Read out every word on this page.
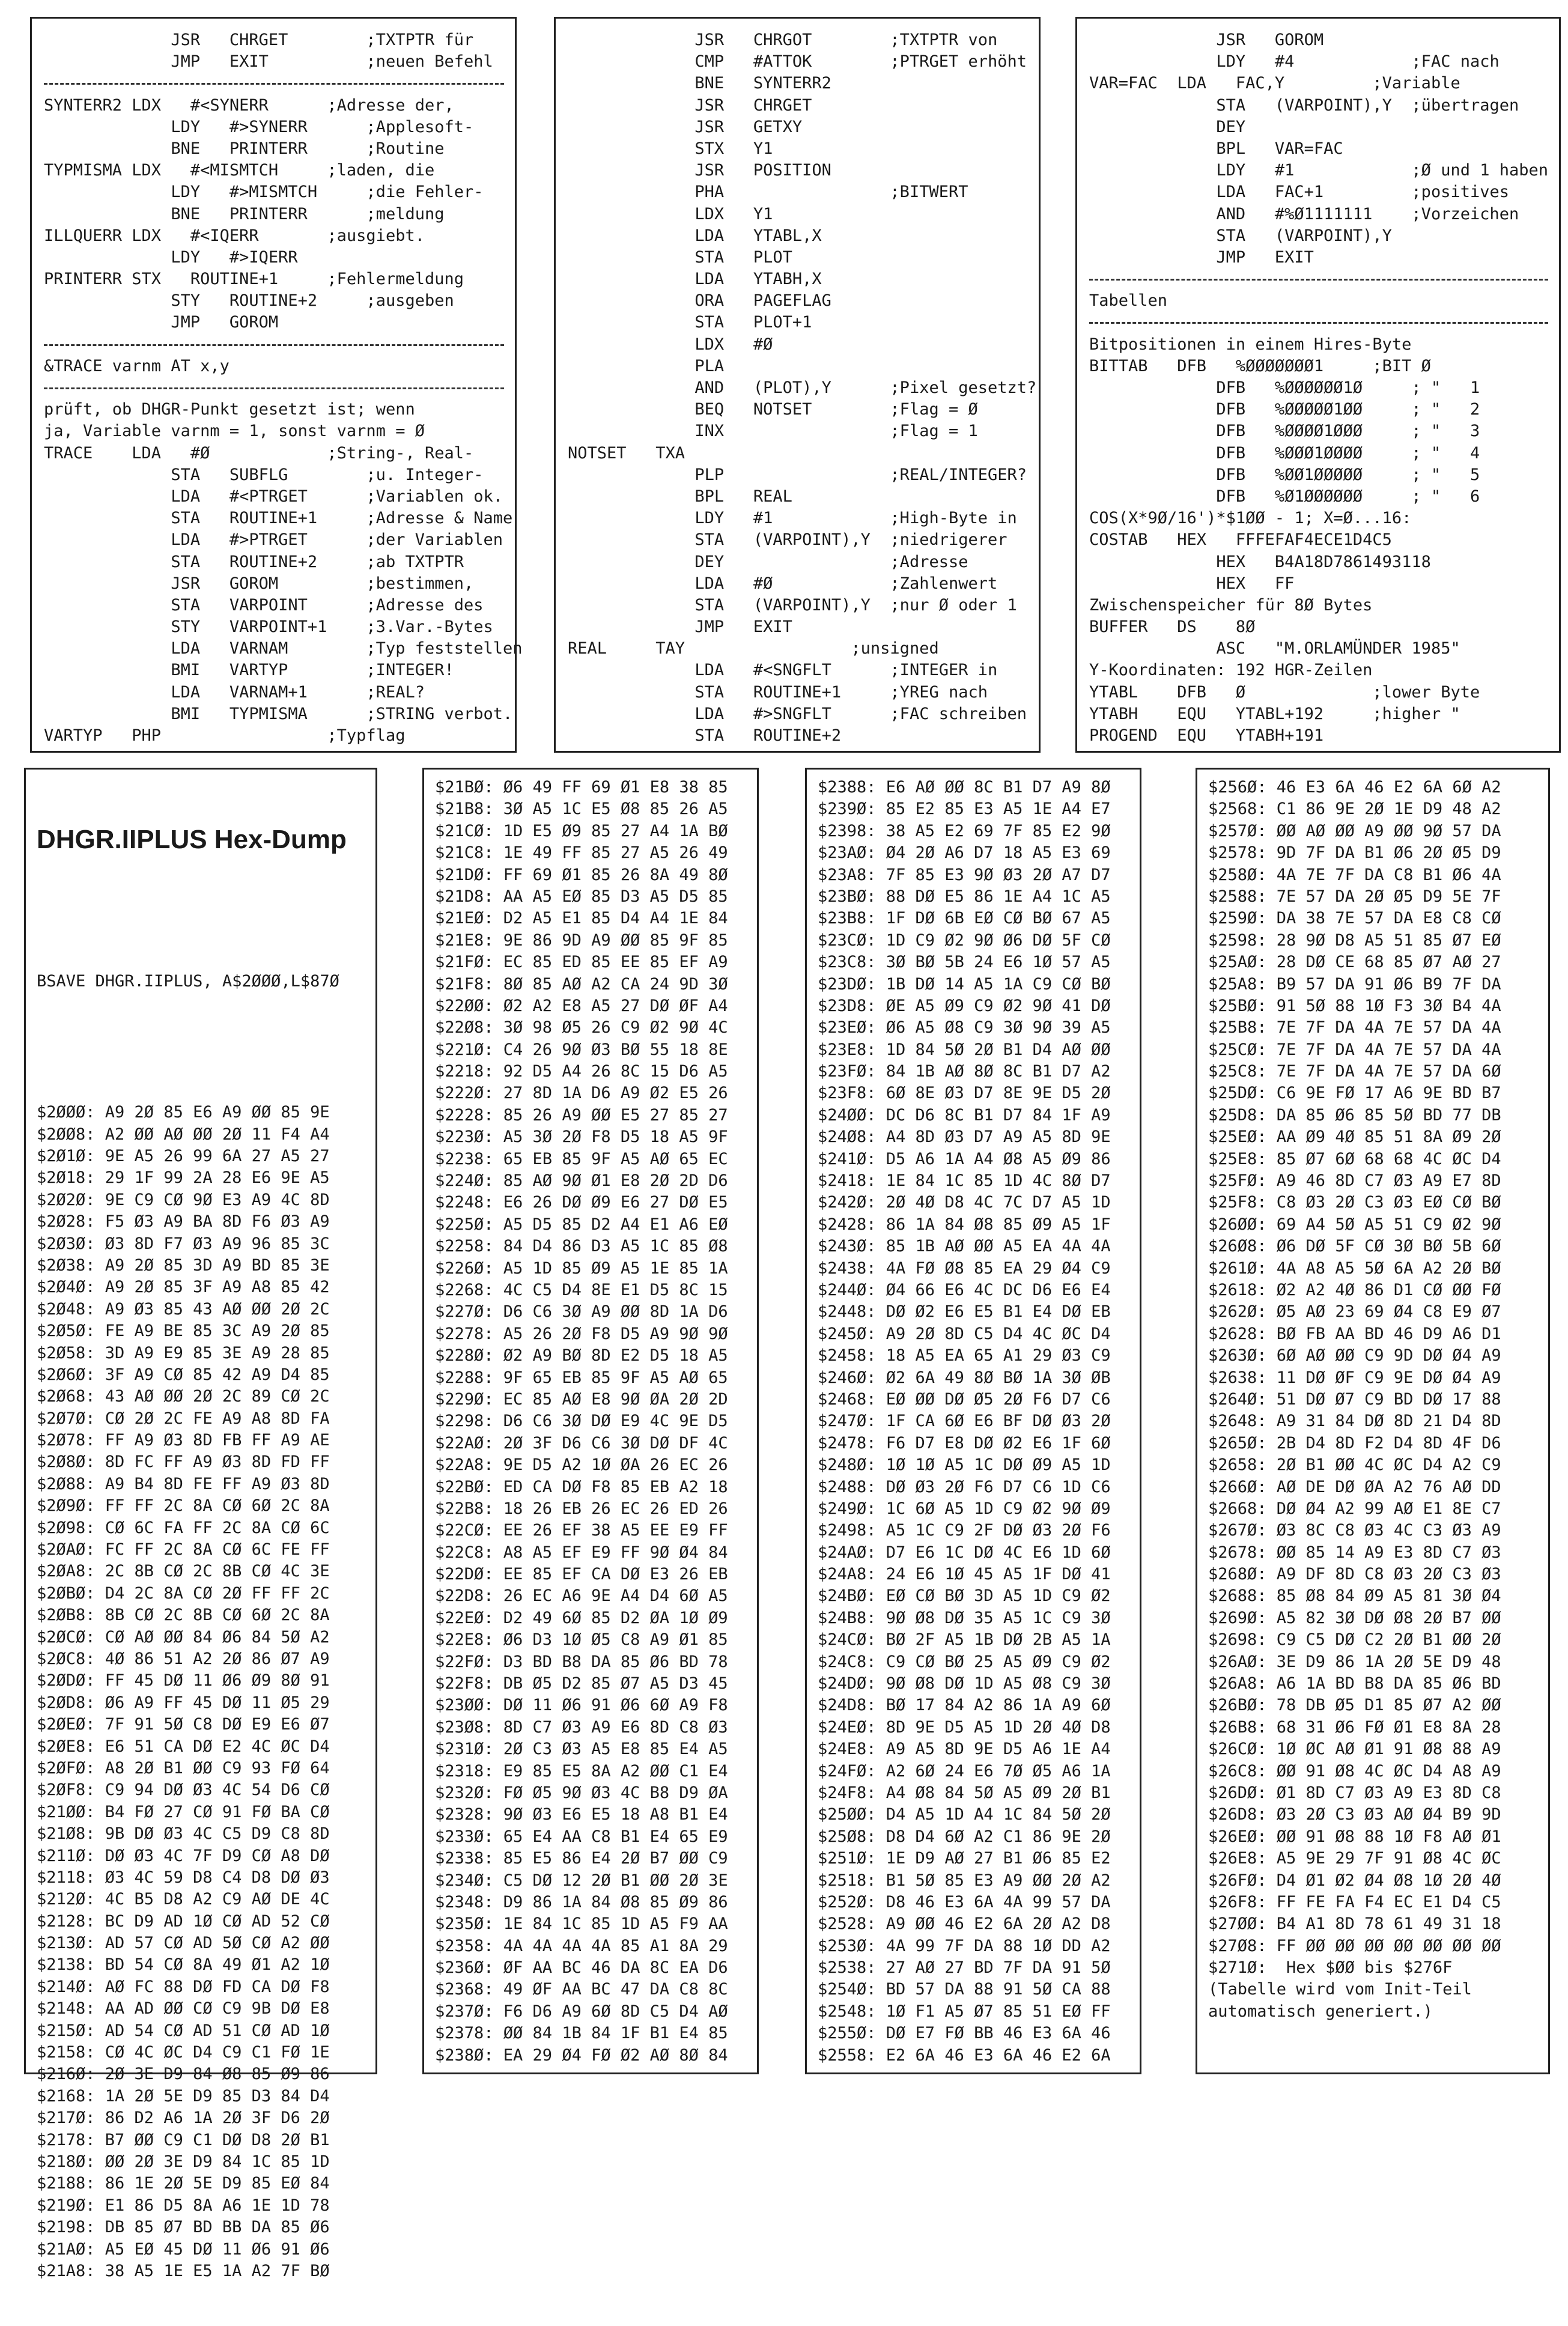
JSR   CHRGET        ;TXTPTR für
JMP   EXIT          ;neuen Befehl
SYNTERR2 LDX   #<SYNERR      ;Adresse der,
LDY   #>SYNERR      ;Applesoft-
BNE   PRINTERR      ;Routine
TYPMISMA LDX   #<MISMTCH     ;laden, die
LDY   #>MISMTCH     ;die Fehler-
BNE   PRINTERR      ;meldung
ILLQUERR LDX   #<IQERR       ;ausgiebt.
LDY   #>IQERR
PRINTERR STX   ROUTINE+1     ;Fehlermeldung
STY   ROUTINE+2     ;ausgeben
JMP   GOROM
&TRACE varnm AT x,y
prüft, ob DHGR-Punkt gesetzt ist; wenn
ja, Variable varnm = 1, sonst varnm = Ø
TRACE    LDA   #Ø            ;String-, Real-
STA   SUBFLG        ;u. Integer-
LDA   #<PTRGET      ;Variablen ok.
STA   ROUTINE+1     ;Adresse & Name
LDA   #>PTRGET      ;der Variablen
STA   ROUTINE+2     ;ab TXTPTR
JSR   GOROM         ;bestimmen,
STA   VARPOINT      ;Adresse des
STY   VARPOINT+1    ;3.Var.-Bytes
LDA   VARNAM        ;Typ feststellen
BMI   VARTYP        ;INTEGER!
LDA   VARNAM+1      ;REAL?
BMI   TYPMISMA      ;STRING verbot.
VARTYP   PHP                 ;Typflag
JSR   CHRGOT        ;TXTPTR von
CMP   #ATTOK        ;PTRGET erhöht
BNE   SYNTERR2
JSR   CHRGET
JSR   GETXY
STX   Y1
JSR   POSITION
PHA                 ;BITWERT
LDX   Y1
LDA   YTABL,X
STA   PLOT
LDA   YTABH,X
ORA   PAGEFLAG
STA   PLOT+1
LDX   #Ø
PLA
AND   (PLOT),Y      ;Pixel gesetzt?
BEQ   NOTSET        ;Flag = Ø
INX                 ;Flag = 1
NOTSET   TXA
PLP                 ;REAL/INTEGER?
BPL   REAL
LDY   #1            ;High-Byte in
STA   (VARPOINT),Y  ;niedrigerer
DEY                 ;Adresse
LDA   #Ø            ;Zahlenwert
STA   (VARPOINT),Y  ;nur Ø oder 1
JMP   EXIT
REAL     TAY                 ;unsigned
LDA   #<SNGFLT      ;INTEGER in
STA   ROUTINE+1     ;YREG nach
LDA   #>SNGFLT      ;FAC schreiben
STA   ROUTINE+2
JSR   GOROM
LDY   #4            ;FAC nach
VAR=FAC  LDA   FAC,Y         ;Variable
STA   (VARPOINT),Y  ;übertragen
DEY
BPL   VAR=FAC
LDY   #1            ;Ø und 1 haben
LDA   FAC+1         ;positives
AND   #%Ø1111111    ;Vorzeichen
STA   (VARPOINT),Y
JMP   EXIT
Tabellen
Bitpositionen in einem Hires-Byte
BITTAB   DFB   %ØØØØØØØ1     ;BIT Ø
DFB   %ØØØØØØ1Ø     ; "   1
DFB   %ØØØØØ1ØØ     ; "   2
DFB   %ØØØØ1ØØØ     ; "   3
DFB   %ØØØ1ØØØØ     ; "   4
DFB   %ØØ1ØØØØØ     ; "   5
DFB   %Ø1ØØØØØØ     ; "   6
COS(X*9Ø/16')*$1ØØ - 1; X=Ø...16:
COSTAB   HEX   FFFEFAF4ECE1D4C5
HEX   B4A18D7861493118
HEX   FF
Zwischenspeicher für 8Ø Bytes
BUFFER   DS    8Ø
ASC   "M.ORLAMÜNDER 1985"
Y-Koordinaten: 192 HGR-Zeilen
YTABL    DFB   Ø             ;lower Byte
YTABH    EQU   YTABL+192     ;higher "
PROGEND  EQU   YTABH+191

DHGR.IIPLUS Hex-Dump

BSAVE DHGR.IIPLUS, A$2ØØØ,L$87Ø

$2ØØØ: A9 2Ø 85 E6 A9 ØØ 85 9E
$2ØØ8: A2 ØØ AØ ØØ 2Ø 11 F4 A4
$2Ø1Ø: 9E A5 26 99 6A 27 A5 27
$2Ø18: 29 1F 99 2A 28 E6 9E A5
$2Ø2Ø: 9E C9 CØ 9Ø E3 A9 4C 8D
$2Ø28: F5 Ø3 A9 BA 8D F6 Ø3 A9
$2Ø3Ø: Ø3 8D F7 Ø3 A9 96 85 3C
$2Ø38: A9 2Ø 85 3D A9 BD 85 3E
$2Ø4Ø: A9 2Ø 85 3F A9 A8 85 42
$2Ø48: A9 Ø3 85 43 AØ ØØ 2Ø 2C
$2Ø5Ø: FE A9 BE 85 3C A9 2Ø 85
$2Ø58: 3D A9 E9 85 3E A9 28 85
$2Ø6Ø: 3F A9 CØ 85 42 A9 D4 85
$2Ø68: 43 AØ ØØ 2Ø 2C 89 CØ 2C
$2Ø7Ø: CØ 2Ø 2C FE A9 A8 8D FA
$2Ø78: FF A9 Ø3 8D FB FF A9 AE
$2Ø8Ø: 8D FC FF A9 Ø3 8D FD FF
$2Ø88: A9 B4 8D FE FF A9 Ø3 8D
$2Ø9Ø: FF FF 2C 8A CØ 6Ø 2C 8A
$2Ø98: CØ 6C FA FF 2C 8A CØ 6C
$2ØAØ: FC FF 2C 8A CØ 6C FE FF
$2ØA8: 2C 8B CØ 2C 8B CØ 4C 3E
$2ØBØ: D4 2C 8A CØ 2Ø FF FF 2C
$2ØB8: 8B CØ 2C 8B CØ 6Ø 2C 8A
$2ØCØ: CØ AØ ØØ 84 Ø6 84 5Ø A2
$2ØC8: 4Ø 86 51 A2 2Ø 86 Ø7 A9
$2ØDØ: FF 45 DØ 11 Ø6 Ø9 8Ø 91
$2ØD8: Ø6 A9 FF 45 DØ 11 Ø5 29
$2ØEØ: 7F 91 5Ø C8 DØ E9 E6 Ø7
$2ØE8: E6 51 CA DØ E2 4C ØC D4
$2ØFØ: A8 2Ø B1 ØØ C9 93 FØ 64
$2ØF8: C9 94 DØ Ø3 4C 54 D6 CØ
$21ØØ: B4 FØ 27 CØ 91 FØ BA CØ
$21Ø8: 9B DØ Ø3 4C C5 D9 C8 8D
$211Ø: DØ Ø3 4C 7F D9 CØ A8 DØ
$2118: Ø3 4C 59 D8 C4 D8 DØ Ø3
$212Ø: 4C B5 D8 A2 C9 AØ DE 4C
$2128: BC D9 AD 1Ø CØ AD 52 CØ
$213Ø: AD 57 CØ AD 5Ø CØ A2 ØØ
$2138: BD 54 CØ 8A 49 Ø1 A2 1Ø
$214Ø: AØ FC 88 DØ FD CA DØ F8
$2148: AA AD ØØ CØ C9 9B DØ E8
$215Ø: AD 54 CØ AD 51 CØ AD 1Ø
$2158: CØ 4C ØC D4 C9 C1 FØ 1E
$216Ø: 2Ø 3E D9 84 Ø8 85 Ø9 86
$2168: 1A 2Ø 5E D9 85 D3 84 D4
$217Ø: 86 D2 A6 1A 2Ø 3F D6 2Ø
$2178: B7 ØØ C9 C1 DØ D8 2Ø B1
$218Ø: ØØ 2Ø 3E D9 84 1C 85 1D
$2188: 86 1E 2Ø 5E D9 85 EØ 84
$219Ø: E1 86 D5 8A A6 1E 1D 78
$2198: DB 85 Ø7 BD BB DA 85 Ø6
$21AØ: A5 EØ 45 DØ 11 Ø6 91 Ø6
$21A8: 38 A5 1E E5 1A A2 7F BØ

$21BØ: Ø6 49 FF 69 Ø1 E8 38 85
$21B8: 3Ø A5 1C E5 Ø8 85 26 A5
$21CØ: 1D E5 Ø9 85 27 A4 1A BØ
$21C8: 1E 49 FF 85 27 A5 26 49
$21DØ: FF 69 Ø1 85 26 8A 49 8Ø
$21D8: AA A5 EØ 85 D3 A5 D5 85
$21EØ: D2 A5 E1 85 D4 A4 1E 84
$21E8: 9E 86 9D A9 ØØ 85 9F 85
$21FØ: EC 85 ED 85 EE 85 EF A9
$21F8: 8Ø 85 AØ A2 CA 24 9D 3Ø
$22ØØ: Ø2 A2 E8 A5 27 DØ ØF A4
$22Ø8: 3Ø 98 Ø5 26 C9 Ø2 9Ø 4C
$221Ø: C4 26 9Ø Ø3 BØ 55 18 8E
$2218: 92 D5 A4 26 8C 15 D6 A5
$222Ø: 27 8D 1A D6 A9 Ø2 E5 26
$2228: 85 26 A9 ØØ E5 27 85 27
$223Ø: A5 3Ø 2Ø F8 D5 18 A5 9F
$2238: 65 EB 85 9F A5 AØ 65 EC
$224Ø: 85 AØ 9Ø Ø1 E8 2Ø 2D D6
$2248: E6 26 DØ Ø9 E6 27 DØ E5
$225Ø: A5 D5 85 D2 A4 E1 A6 EØ
$2258: 84 D4 86 D3 A5 1C 85 Ø8
$226Ø: A5 1D 85 Ø9 A5 1E 85 1A
$2268: 4C C5 D4 8E E1 D5 8C 15
$227Ø: D6 C6 3Ø A9 ØØ 8D 1A D6
$2278: A5 26 2Ø F8 D5 A9 9Ø 9Ø
$228Ø: Ø2 A9 BØ 8D E2 D5 18 A5
$2288: 9F 65 EB 85 9F A5 AØ 65
$229Ø: EC 85 AØ E8 9Ø ØA 2Ø 2D
$2298: D6 C6 3Ø DØ E9 4C 9E D5
$22AØ: 2Ø 3F D6 C6 3Ø DØ DF 4C
$22A8: 9E D5 A2 1Ø ØA 26 EC 26
$22BØ: ED CA DØ F8 85 EB A2 18
$22B8: 18 26 EB 26 EC 26 ED 26
$22CØ: EE 26 EF 38 A5 EE E9 FF
$22C8: A8 A5 EF E9 FF 9Ø Ø4 84
$22DØ: EE 85 EF CA DØ E3 26 EB
$22D8: 26 EC A6 9E A4 D4 6Ø A5
$22EØ: D2 49 6Ø 85 D2 ØA 1Ø Ø9
$22E8: Ø6 D3 1Ø Ø5 C8 A9 Ø1 85
$22FØ: D3 BD B8 DA 85 Ø6 BD 78
$22F8: DB Ø5 D2 85 Ø7 A5 D3 45
$23ØØ: DØ 11 Ø6 91 Ø6 6Ø A9 F8
$23Ø8: 8D C7 Ø3 A9 E6 8D C8 Ø3
$231Ø: 2Ø C3 Ø3 A5 E8 85 E4 A5
$2318: E9 85 E5 8A A2 ØØ C1 E4
$232Ø: FØ Ø5 9Ø Ø3 4C B8 D9 ØA
$2328: 9Ø Ø3 E6 E5 18 A8 B1 E4
$233Ø: 65 E4 AA C8 B1 E4 65 E9
$2338: 85 E5 86 E4 2Ø B7 ØØ C9
$234Ø: C5 DØ 12 2Ø B1 ØØ 2Ø 3E
$2348: D9 86 1A 84 Ø8 85 Ø9 86
$235Ø: 1E 84 1C 85 1D A5 F9 AA
$2358: 4A 4A 4A 4A 85 A1 8A 29
$236Ø: ØF AA BC 46 DA 8C EA D6
$2368: 49 ØF AA BC 47 DA C8 8C
$237Ø: F6 D6 A9 6Ø 8D C5 D4 AØ
$2378: ØØ 84 1B 84 1F B1 E4 85
$238Ø: EA 29 Ø4 FØ Ø2 AØ 8Ø 84
$2388: E6 AØ ØØ 8C B1 D7 A9 8Ø
$239Ø: 85 E2 85 E3 A5 1E A4 E7
$2398: 38 A5 E2 69 7F 85 E2 9Ø
$23AØ: Ø4 2Ø A6 D7 18 A5 E3 69
$23A8: 7F 85 E3 9Ø Ø3 2Ø A7 D7
$23BØ: 88 DØ E5 86 1E A4 1C A5
$23B8: 1F DØ 6B EØ CØ BØ 67 A5
$23CØ: 1D C9 Ø2 9Ø Ø6 DØ 5F CØ
$23C8: 3Ø BØ 5B 24 E6 1Ø 57 A5
$23DØ: 1B DØ 14 A5 1A C9 CØ BØ
$23D8: ØE A5 Ø9 C9 Ø2 9Ø 41 DØ
$23EØ: Ø6 A5 Ø8 C9 3Ø 9Ø 39 A5
$23E8: 1D 84 5Ø 2Ø B1 D4 AØ ØØ
$23FØ: 84 1B AØ 8Ø 8C B1 D7 A2
$23F8: 6Ø 8E Ø3 D7 8E 9E D5 2Ø
$24ØØ: DC D6 8C B1 D7 84 1F A9
$24Ø8: A4 8D Ø3 D7 A9 A5 8D 9E
$241Ø: D5 A6 1A A4 Ø8 A5 Ø9 86
$2418: 1E 84 1C 85 1D 4C 8Ø D7
$242Ø: 2Ø 4Ø D8 4C 7C D7 A5 1D
$2428: 86 1A 84 Ø8 85 Ø9 A5 1F
$243Ø: 85 1B AØ ØØ A5 EA 4A 4A
$2438: 4A FØ Ø8 85 EA 29 Ø4 C9
$244Ø: Ø4 66 E6 4C DC D6 E6 E4
$2448: DØ Ø2 E6 E5 B1 E4 DØ EB
$245Ø: A9 2Ø 8D C5 D4 4C ØC D4
$2458: 18 A5 EA 65 A1 29 Ø3 C9
$246Ø: Ø2 6A 49 8Ø BØ 1A 3Ø ØB
$2468: EØ ØØ DØ Ø5 2Ø F6 D7 C6
$247Ø: 1F CA 6Ø E6 BF DØ Ø3 2Ø
$2478: F6 D7 E8 DØ Ø2 E6 1F 6Ø
$248Ø: 1Ø 1Ø A5 1C DØ Ø9 A5 1D
$2488: DØ Ø3 2Ø F6 D7 C6 1D C6
$249Ø: 1C 6Ø A5 1D C9 Ø2 9Ø Ø9
$2498: A5 1C C9 2F DØ Ø3 2Ø F6
$24AØ: D7 E6 1C DØ 4C E6 1D 6Ø
$24A8: 24 E6 1Ø 45 A5 1F DØ 41
$24BØ: EØ CØ BØ 3D A5 1D C9 Ø2
$24B8: 9Ø Ø8 DØ 35 A5 1C C9 3Ø
$24CØ: BØ 2F A5 1B DØ 2B A5 1A
$24C8: C9 CØ BØ 25 A5 Ø9 C9 Ø2
$24DØ: 9Ø Ø8 DØ 1D A5 Ø8 C9 3Ø
$24D8: BØ 17 84 A2 86 1A A9 6Ø
$24EØ: 8D 9E D5 A5 1D 2Ø 4Ø D8
$24E8: A9 A5 8D 9E D5 A6 1E A4
$24FØ: A2 6Ø 24 E6 7Ø Ø5 A6 1A
$24F8: A4 Ø8 84 5Ø A5 Ø9 2Ø B1
$25ØØ: D4 A5 1D A4 1C 84 5Ø 2Ø
$25Ø8: D8 D4 6Ø A2 C1 86 9E 2Ø
$251Ø: 1E D9 AØ 27 B1 Ø6 85 E2
$2518: B1 5Ø 85 E3 A9 ØØ 2Ø A2
$252Ø: D8 46 E3 6A 4A 99 57 DA
$2528: A9 ØØ 46 E2 6A 2Ø A2 D8
$253Ø: 4A 99 7F DA 88 1Ø DD A2
$2538: 27 AØ 27 BD 7F DA 91 5Ø
$254Ø: BD 57 DA 88 91 5Ø CA 88
$2548: 1Ø F1 A5 Ø7 85 51 EØ FF
$255Ø: DØ E7 FØ BB 46 E3 6A 46
$2558: E2 6A 46 E3 6A 46 E2 6A
$256Ø: 46 E3 6A 46 E2 6A 6Ø A2
$2568: C1 86 9E 2Ø 1E D9 48 A2
$257Ø: ØØ AØ ØØ A9 ØØ 9Ø 57 DA
$2578: 9D 7F DA B1 Ø6 2Ø Ø5 D9
$258Ø: 4A 7E 7F DA C8 B1 Ø6 4A
$2588: 7E 57 DA 2Ø Ø5 D9 5E 7F
$259Ø: DA 38 7E 57 DA E8 C8 CØ
$2598: 28 9Ø D8 A5 51 85 Ø7 EØ
$25AØ: 28 DØ CE 68 85 Ø7 AØ 27
$25A8: B9 57 DA 91 Ø6 B9 7F DA
$25BØ: 91 5Ø 88 1Ø F3 3Ø B4 4A
$25B8: 7E 7F DA 4A 7E 57 DA 4A
$25CØ: 7E 7F DA 4A 7E 57 DA 4A
$25C8: 7E 7F DA 4A 7E 57 DA 6Ø
$25DØ: C6 9E FØ 17 A6 9E BD B7
$25D8: DA 85 Ø6 85 5Ø BD 77 DB
$25EØ: AA Ø9 4Ø 85 51 8A Ø9 2Ø
$25E8: 85 Ø7 6Ø 68 68 4C ØC D4
$25FØ: A9 46 8D C7 Ø3 A9 E7 8D
$25F8: C8 Ø3 2Ø C3 Ø3 EØ CØ BØ
$26ØØ: 69 A4 5Ø A5 51 C9 Ø2 9Ø
$26Ø8: Ø6 DØ 5F CØ 3Ø BØ 5B 6Ø
$261Ø: 4A A8 A5 5Ø 6A A2 2Ø BØ
$2618: Ø2 A2 4Ø 86 D1 CØ ØØ FØ
$262Ø: Ø5 AØ 23 69 Ø4 C8 E9 Ø7
$2628: BØ FB AA BD 46 D9 A6 D1
$263Ø: 6Ø AØ ØØ C9 9D DØ Ø4 A9
$2638: 11 DØ ØF C9 9E DØ Ø4 A9
$264Ø: 51 DØ Ø7 C9 BD DØ 17 88
$2648: A9 31 84 DØ 8D 21 D4 8D
$265Ø: 2B D4 8D F2 D4 8D 4F D6
$2658: 2Ø B1 ØØ 4C ØC D4 A2 C9
$266Ø: AØ DE DØ ØA A2 76 AØ DD
$2668: DØ Ø4 A2 99 AØ E1 8E C7
$267Ø: Ø3 8C C8 Ø3 4C C3 Ø3 A9
$2678: ØØ 85 14 A9 E3 8D C7 Ø3
$268Ø: A9 DF 8D C8 Ø3 2Ø C3 Ø3
$2688: 85 Ø8 84 Ø9 A5 81 3Ø Ø4
$269Ø: A5 82 3Ø DØ Ø8 2Ø B7 ØØ
$2698: C9 C5 DØ C2 2Ø B1 ØØ 2Ø
$26AØ: 3E D9 86 1A 2Ø 5E D9 48
$26A8: A6 1A BD B8 DA 85 Ø6 BD
$26BØ: 78 DB Ø5 D1 85 Ø7 A2 ØØ
$26B8: 68 31 Ø6 FØ Ø1 E8 8A 28
$26CØ: 1Ø ØC AØ Ø1 91 Ø8 88 A9
$26C8: ØØ 91 Ø8 4C ØC D4 A8 A9
$26DØ: Ø1 8D C7 Ø3 A9 E3 8D C8
$26D8: Ø3 2Ø C3 Ø3 AØ Ø4 B9 9D
$26EØ: ØØ 91 Ø8 88 1Ø F8 AØ Ø1
$26E8: A5 9E 29 7F 91 Ø8 4C ØC
$26FØ: D4 Ø1 Ø2 Ø4 Ø8 1Ø 2Ø 4Ø
$26F8: FF FE FA F4 EC E1 D4 C5
$27ØØ: B4 A1 8D 78 61 49 31 18
$27Ø8: FF ØØ ØØ ØØ ØØ ØØ ØØ ØØ
$271Ø:  Hex $ØØ bis $276F
(Tabelle wird vom Init-Teil
automatisch generiert.)
